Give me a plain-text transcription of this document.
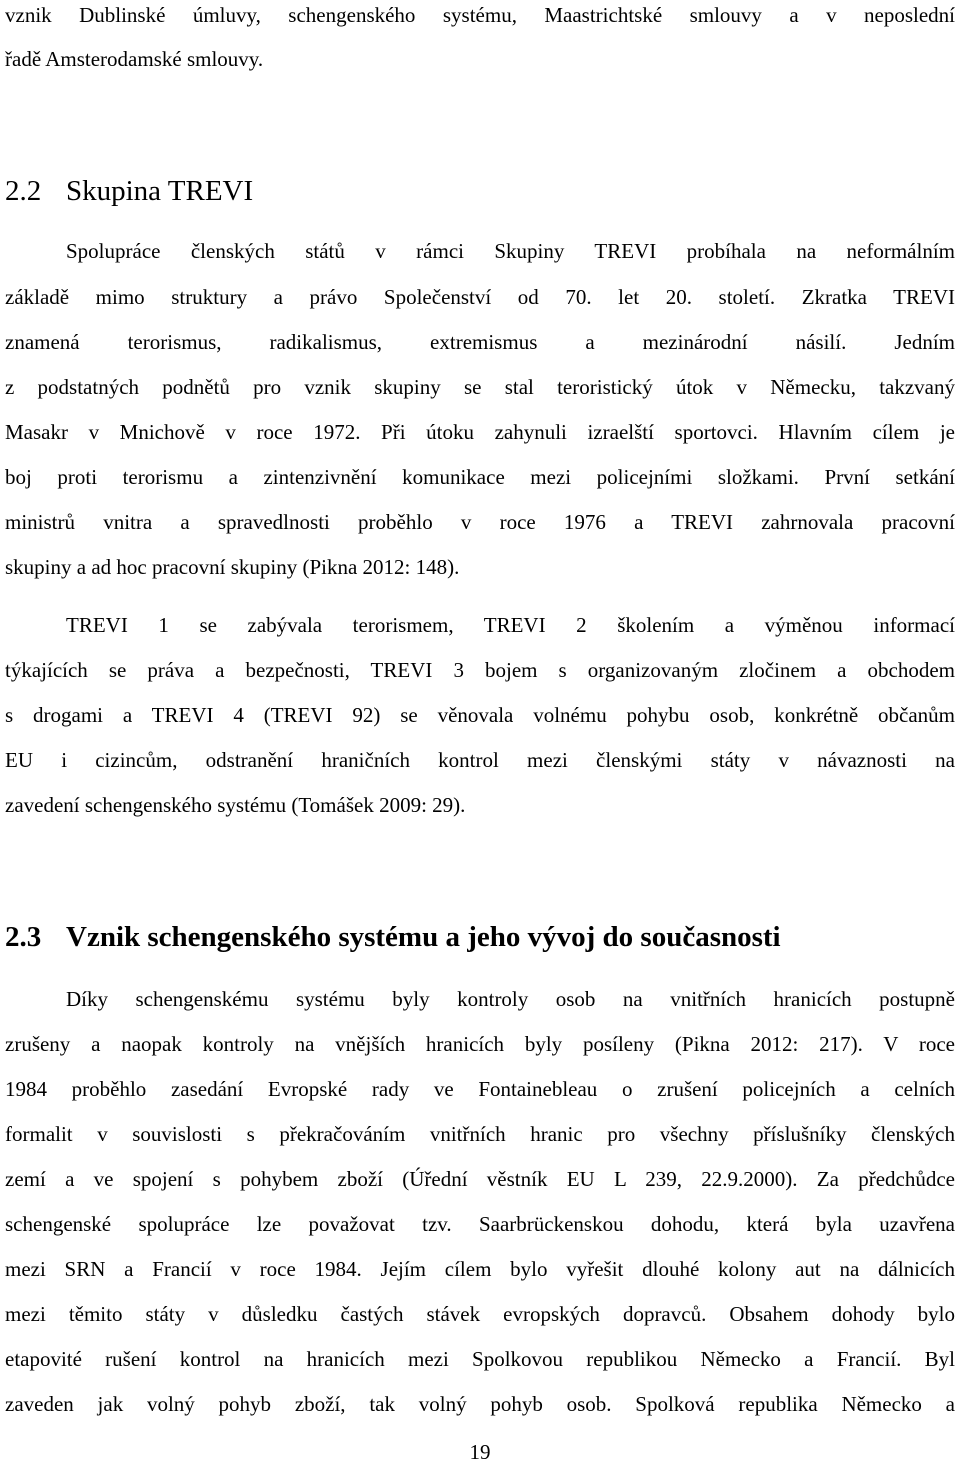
vznik Dublinské úmluvy, schengenského systému, Maastrichtské smlouvy a v neposlední
řadě Amsterodamské smlouvy.
2.2 Skupina TREVI
Spolupráce členských států v rámci Skupiny TREVI probíhala na neformálním
základě mimo struktury a právo Společenství od 70. let 20. století. Zkratka TREVI
znamená terorismus, radikalismus, extremismus a mezinárodní násilí. Jedním
z podstatných podnětů pro vznik skupiny se stal teroristický útok v Německu, takzvaný
Masakr v Mnichově v roce 1972. Při útoku zahynuli izraelští sportovci. Hlavním cílem je
boj proti terorismu a zintenzivnění komunikace mezi policejními složkami. První setkání
ministrů vnitra a spravedlnosti proběhlo v roce 1976 a TREVI zahrnovala pracovní
skupiny a ad hoc pracovní skupiny (Pikna 2012: 148).
TREVI 1 se zabývala terorismem, TREVI 2 školením a výměnou informací
týkajících se práva a bezpečnosti, TREVI 3 bojem s organizovaným zločinem a obchodem
s drogami a TREVI 4 (TREVI 92) se věnovala volnému pohybu osob, konkrétně občanům
EU i cizincům, odstranění hraničních kontrol mezi členskými státy v návaznosti na
zavedení schengenského systému (Tomášek 2009: 29).
2.3 Vznik schengenského systému a jeho vývoj do současnosti
Díky schengenskému systému byly kontroly osob na vnitřních hranicích postupně
zrušeny a naopak kontroly na vnějších hranicích byly posíleny (Pikna 2012: 217). V roce
1984 proběhlo zasedání Evropské rady ve Fontainebleau o zrušení policejních a celních
formalit v souvislosti s překračováním vnitřních hranic pro všechny příslušníky členských
zemí a ve spojení s pohybem zboží (Úřední věstník EU L 239, 22.9.2000). Za předchůdce
schengenské spolupráce lze považovat tzv. Saarbrückenskou dohodu, která byla uzavřena
mezi SRN a Francií v roce 1984. Jejím cílem bylo vyřešit dlouhé kolony aut na dálnicích
mezi těmito státy v důsledku častých stávek evropských dopravců. Obsahem dohody bylo
etapovité rušení kontrol na hranicích mezi Spolkovou republikou Německo a Francií. Byl
zaveden jak volný pohyb zboží, tak volný pohyb osob. Spolková republika Německo a
19
